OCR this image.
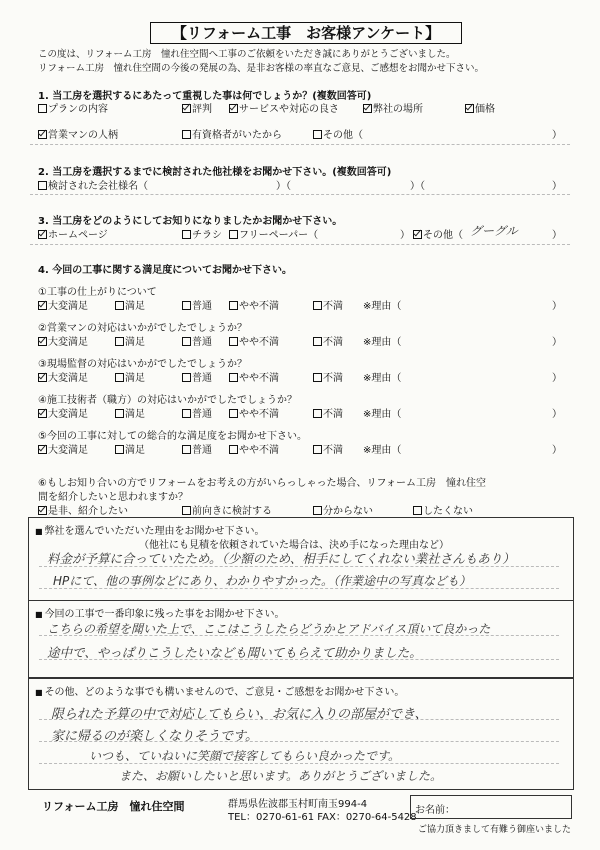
【リフォーム工事　お客様アンケート】
この度は、リフォーム工房　憧れ住空間へ工事のご依頼をいただき誠にありがとうございました。
リフォーム工房　憧れ住空間の今後の発展の為、是非お客様の率直なご意見、ご感想をお聞かせ下さい。
1. 当工房を選択するにあたって重視した事は何でしょうか？(複数回答可)
プランの内容	評判	サービスや対応の良さ	弊社の場所	価格
営業マンの人柄	有資格者がいたから	その他（	）
2. 当工房を選択するまでに検討された他社様をお聞かせ下さい。(複数回答可)
検討された会社様名（	）（	）（	）
3. 当工房をどのようにしてお知りになりましたかお聞かせ下さい。
ホームページ	チラシ	フリーペーパー（	）	その他（ グーグル	）
4. 今回の工事に関する満足度についてお聞かせ下さい。
①工事の仕上がりについて
大変満足	満足	普通	やや不満	不満 ※理由（	）
②営業マンの対応はいかがでしたでしょうか？
大変満足	満足	普通	やや不満	不満 ※理由（	）
③現場監督の対応はいかがでしたでしょうか？
大変満足	満足	普通	やや不満	不満 ※理由（	）
④施工技術者（職方）の対応はいかがでしたでしょうか？
大変満足	満足	普通	やや不満	不満 ※理由（	）
⑤今回の工事に対しての総合的な満足度をお聞かせ下さい。
大変満足	満足	普通	やや不満	不満 ※理由（	）
⑥もしお知り合いの方でリフォームをお考えの方がいらっしゃった場合、リフォーム工房　憧れ住空
間を紹介したいと思われますか？
是非、紹介したい	前向きに検討する	分からない	したくない
■ 弊社を選んでいただいた理由をお聞かせ下さい。
（他社にも見積を依頼されていた場合は、決め手になった理由など）
料金が予算に合っていたため。（少額のため、相手にしてくれない業社さんもあり）
HPにて、他の事例などにあり、わかりやすかった。（作業途中の写真なども）
■ 今回の工事で一番印象に残った事をお聞かせ下さい。
こちらの希望を聞いた上で、ここはこうしたらどうかとアドバイス頂いて良かった
途中で、やっぱりこうしたいなども聞いてもらえて助かりました。
■ その他、どのような事でも構いませんので、ご意見・ご感想をお聞かせ下さい。
限られた予算の中で対応してもらい、お気に入りの部屋ができ、
家に帰るのが楽しくなりそうです。
いつも、ていねいに笑顔で接客してもらい良かったです。
また、お願いしたいと思います。ありがとうございました。
リフォーム工房　憧れ住空間	群馬県佐波郡玉村町南玉994-4
TEL：0270-61-61 FAX：0270-64-5428
お名前：
ご協力頂きまして有難う御座いました
